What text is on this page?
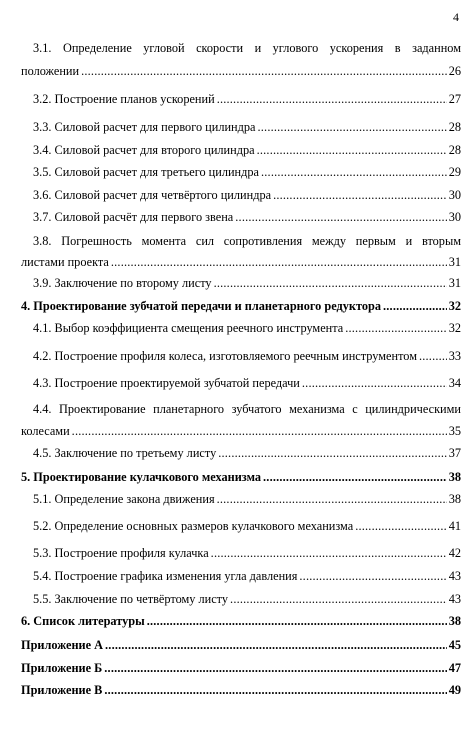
4
3.1. Определение угловой скорости и углового ускорения в заданном
положении .....	26
3.2. Построение планов ускорений .....	27
3.3. Силовой расчет для первого цилиндра .....	28
3.4. Силовой расчет для второго цилиндра .....	28
3.5. Силовой расчет для третьего цилиндра .....	29
3.6. Силовой расчет для четвёртого цилиндра .....	30
3.7. Силовой расчёт для первого звена .....	30
3.8. Погрешность момента сил сопротивления между первым и вторым
листами проекта .....	31
3.9. Заключение по второму листу .....	31
4. Проектирование зубчатой передачи и планетарного редуктора .....	32
4.1. Выбор коэффициента смещения реечного инструмента .....	32
4.2. Построение профиля колеса, изготовляемого реечным инструментом .....	33
4.3. Построение проектируемой зубчатой передачи .....	34
4.4. Проектирование планетарного зубчатого механизма с цилиндрическими
колесами .....	35
4.5. Заключение по третьему листу .....	37
5. Проектирование кулачкового механизма .....	38
5.1. Определение закона движения .....	38
5.2. Определение основных размеров кулачкового механизма .....	41
5.3. Построение профиля кулачка .....	42
5.4. Построение графика изменения угла давления .....	43
5.5. Заключение по четвёртому листу .....	43
6. Список литературы .....	38
Приложение А .....	45
Приложение Б .....	47
Приложение В .....	49
